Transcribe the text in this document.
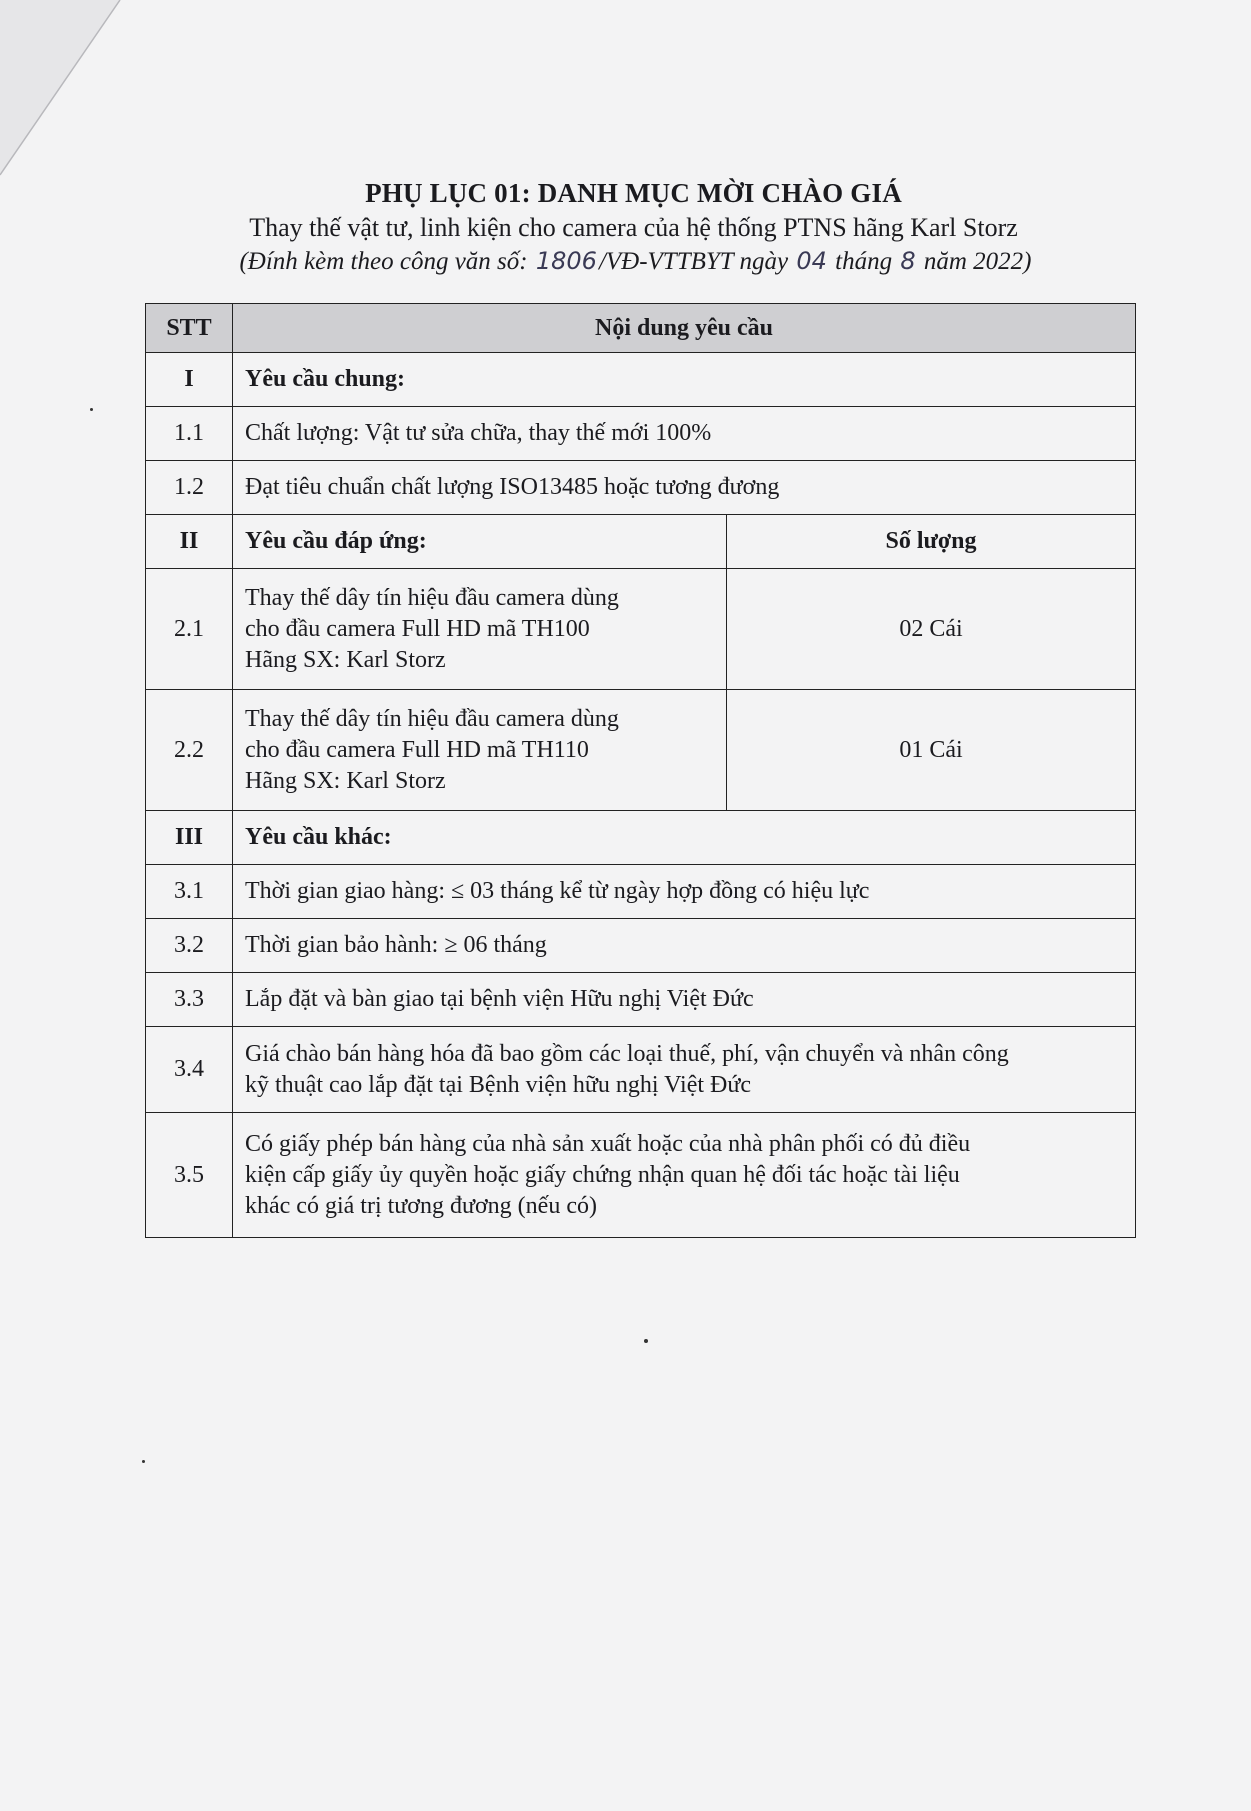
PHỤ LỤC 01: DANH MỤC MỜI CHÀO GIÁ
Thay thế vật tư, linh kiện cho camera của hệ thống PTNS hãng Karl Storz
(Đính kèm theo công văn số: 1806/VĐ-VTTBYT ngày 04 tháng 8 năm 2022)
STT	Nội dung yêu cầu	
I	Yêu cầu chung:	
1.1	Chất lượng: Vật tư sửa chữa, thay thế mới 100%	
1.2	Đạt tiêu chuẩn chất lượng ISO13485 hoặc tương đương	
II	Yêu cầu đáp ứng:	Số lượng
2.1	Thay thế dây tín hiệu đầu camera dùng
cho đầu camera Full HD mã TH100
Hãng SX: Karl Storz	02 Cái
2.2	Thay thế dây tín hiệu đầu camera dùng
cho đầu camera Full HD mã TH110
Hãng SX: Karl Storz	01 Cái
III	Yêu cầu khác:	
3.1	Thời gian giao hàng: ≤ 03 tháng kể từ ngày hợp đồng có hiệu lực	
3.2	Thời gian bảo hành: ≥ 06 tháng	
3.3	Lắp đặt và bàn giao tại bệnh viện Hữu nghị Việt Đức	
3.4	Giá chào bán hàng hóa đã bao gồm các loại thuế, phí, vận chuyển và nhân công
kỹ thuật cao lắp đặt tại Bệnh viện hữu nghị Việt Đức	

3.5	Có giấy phép bán hàng của nhà sản xuất hoặc của nhà phân phối có đủ điều
kiện cấp giấy ủy quyền hoặc giấy chứng nhận quan hệ đối tác hoặc tài liệu
khác có giá trị tương đương (nếu có)	
